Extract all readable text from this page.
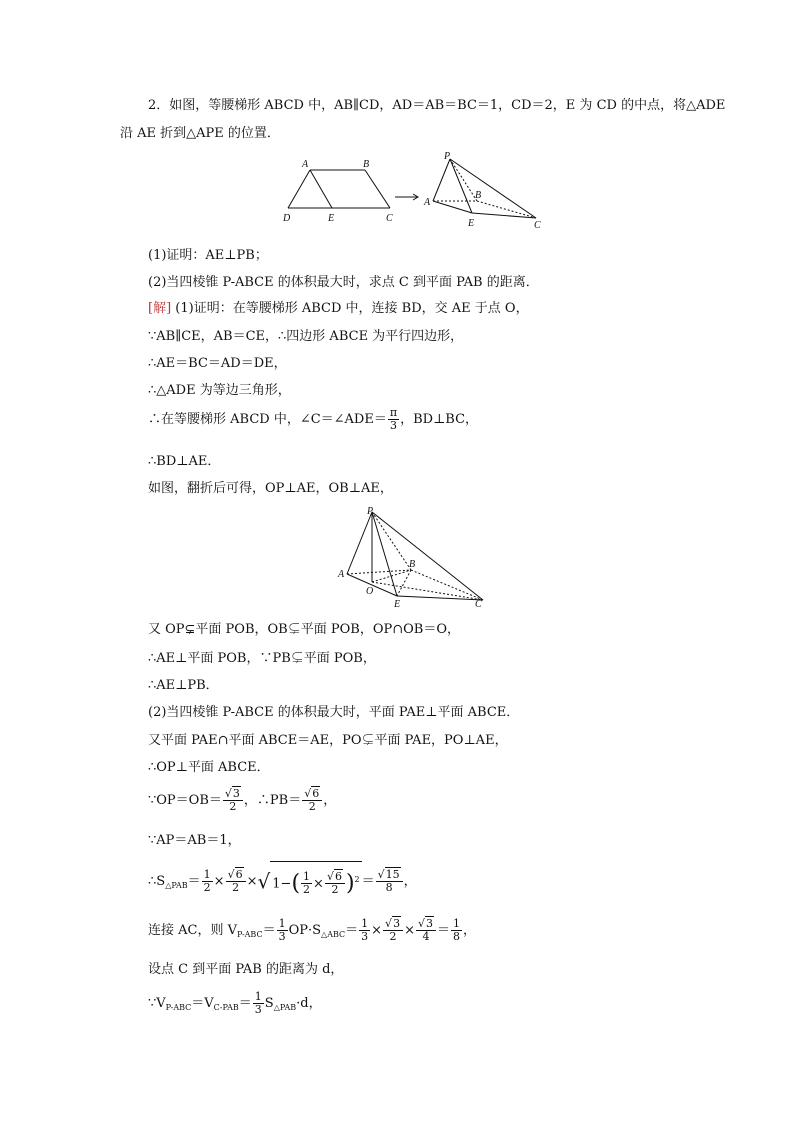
2．如图，等腰梯形 ABCD 中，AB∥CD，AD＝AB＝BC＝1，CD＝2，E 为 CD 的中点，将△ADE
沿 AE 折到△APE 的位置．
A	B
D	E	C
P
A
B
E	C
(1)证明：AE⊥PB；
(2)当四棱锥 P-ABCE 的体积最大时，求点 C 到平面 PAB 的距离．
[解] (1)证明：在等腰梯形 ABCD 中，连接 BD，交 AE 于点 O，
∵AB∥CE，AB＝CE，∴四边形 ABCE 为平行四边形，
∴AE＝BC＝AD＝DE，
∴△ADE 为等边三角形，
∴在等腰梯形 ABCD 中，∠C＝∠ADE＝ $\frac{\pi}{3}$ ，BD⊥BC，
∴BD⊥AE．
如图，翻折后可得，OP⊥AE，OB⊥AE，
P
A
B
O
E	C
又 OP⊊平面 POB，OB⊊平面 POB，OP∩OB＝O，
∴AE⊥平面 POB，∵PB⊊平面 POB，
∴AE⊥PB．
(2)当四棱锥 P-ABCE 的体积最大时，平面 PAE⊥平面 ABCE．
又平面 PAE∩平面 ABCE＝AE，PO⊊平面 PAE，PO⊥AE，
∴OP⊥平面 ABCE．
∵OP＝OB＝ $\frac{√3}{2}$ ，∴PB＝ $\frac{√6}{2}$ ，
∵AP＝AB＝1，
$\therefore S_{\triangle PAB}= \frac{1}{2} \times \frac{√6}{2}$ ×√ $1-( \frac{1}{2} \times \frac{√6}{2} )^2 = \frac{√15}{8}$ ，
连接 AC，则 $V_{P-ABC}= \frac{1}{3} OP\cdot S_{\triangle ABC}= \frac{1}{3} \times \frac{√3}{2} \times \frac{√3}{4} = \frac{1}{8}$ ，
设点 C 到平面 PAB 的距离为 d，
$\because V_{P-ABC}=V_{C-PAB}= \frac{1}{3} S_{\triangle PAB}\cdot d$，
